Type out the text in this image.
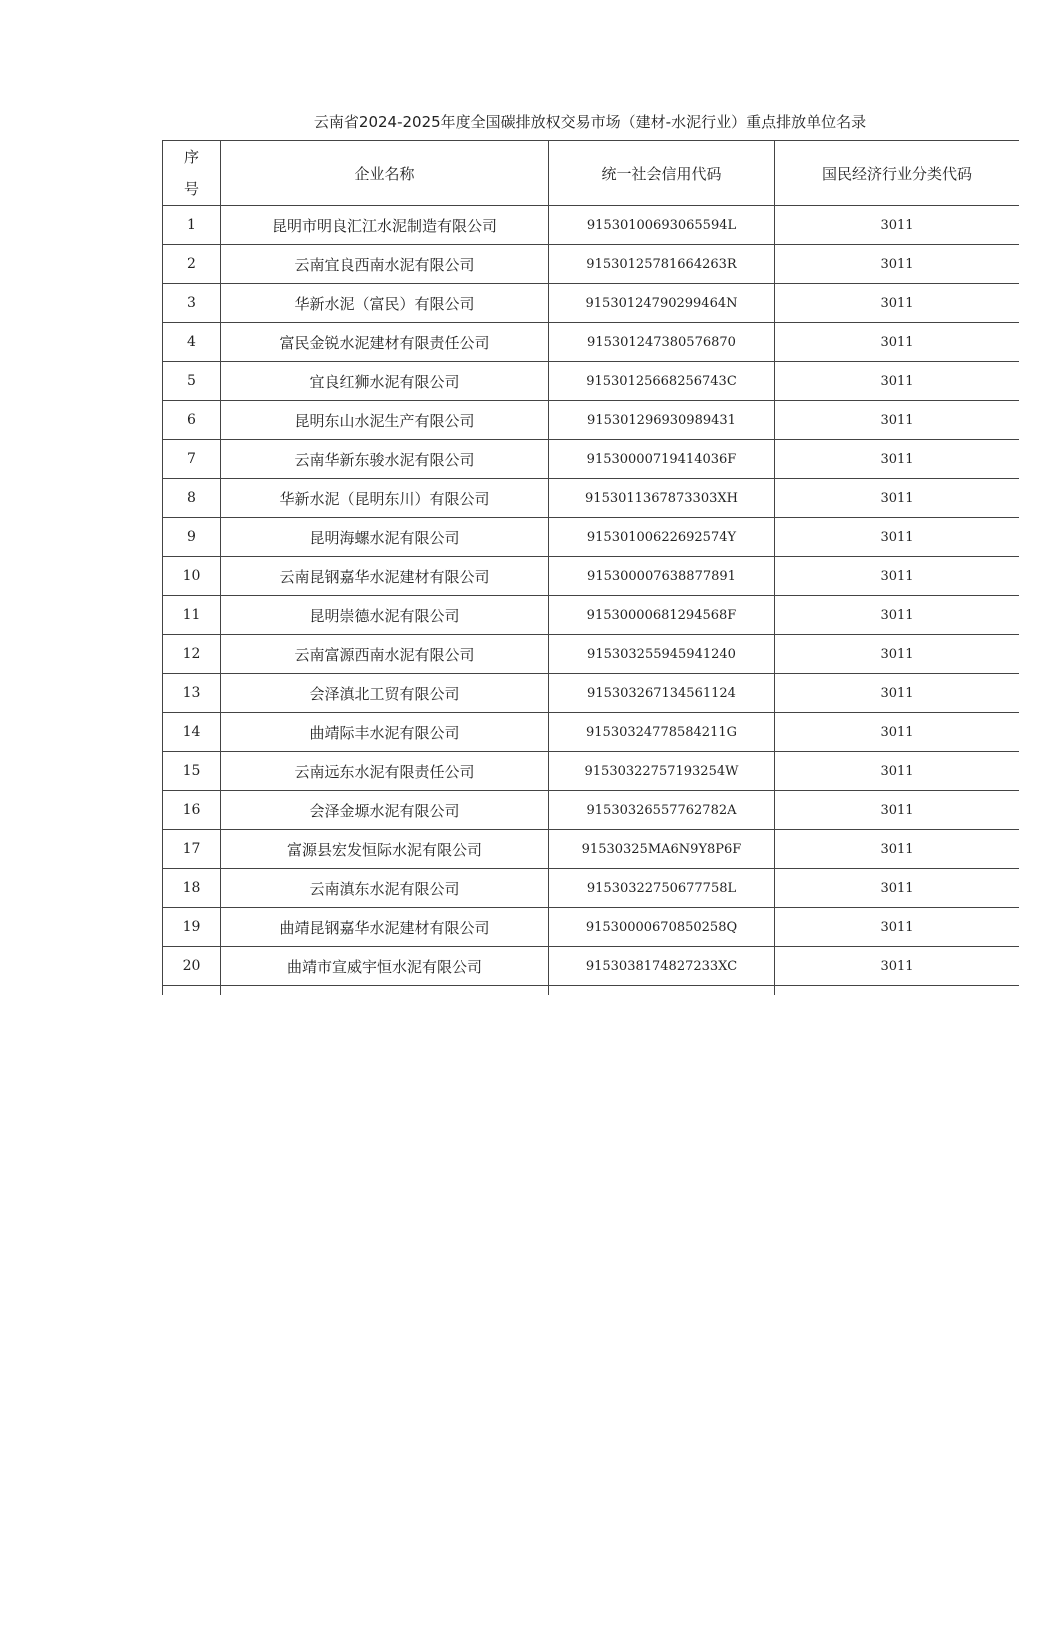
云南省2024-2025年度全国碳排放权交易市场（建材-水泥行业）重点排放单位名录
序
号	企业名称	统一社会信用代码	国民经济行业分类代码
1	昆明市明良汇江水泥制造有限公司	91530100693065594L	3011
2	云南宜良西南水泥有限公司	91530125781664263R	3011
3	华新水泥（富民）有限公司	91530124790299464N	3011
4	富民金锐水泥建材有限责任公司	915301247380576870	3011
5	宜良红狮水泥有限公司	91530125668256743C	3011
6	昆明东山水泥生产有限公司	915301296930989431	3011
7	云南华新东骏水泥有限公司	91530000719414036F	3011
8	华新水泥（昆明东川）有限公司	9153011367873303XH	3011
9	昆明海螺水泥有限公司	91530100622692574Y	3011
10	云南昆钢嘉华水泥建材有限公司	915300007638877891	3011
11	昆明崇德水泥有限公司	91530000681294568F	3011
12	云南富源西南水泥有限公司	915303255945941240	3011
13	会泽滇北工贸有限公司	915303267134561124	3011
14	曲靖际丰水泥有限公司	91530324778584211G	3011
15	云南远东水泥有限责任公司	91530322757193254W	3011
16	会泽金塬水泥有限公司	91530326557762782A	3011
17	富源县宏发恒际水泥有限公司	91530325MA6N9Y8P6F	3011
18	云南滇东水泥有限公司	91530322750677758L	3011
19	曲靖昆钢嘉华水泥建材有限公司	91530000670850258Q	3011
20	曲靖市宣威宇恒水泥有限公司	9153038174827233XC	3011
